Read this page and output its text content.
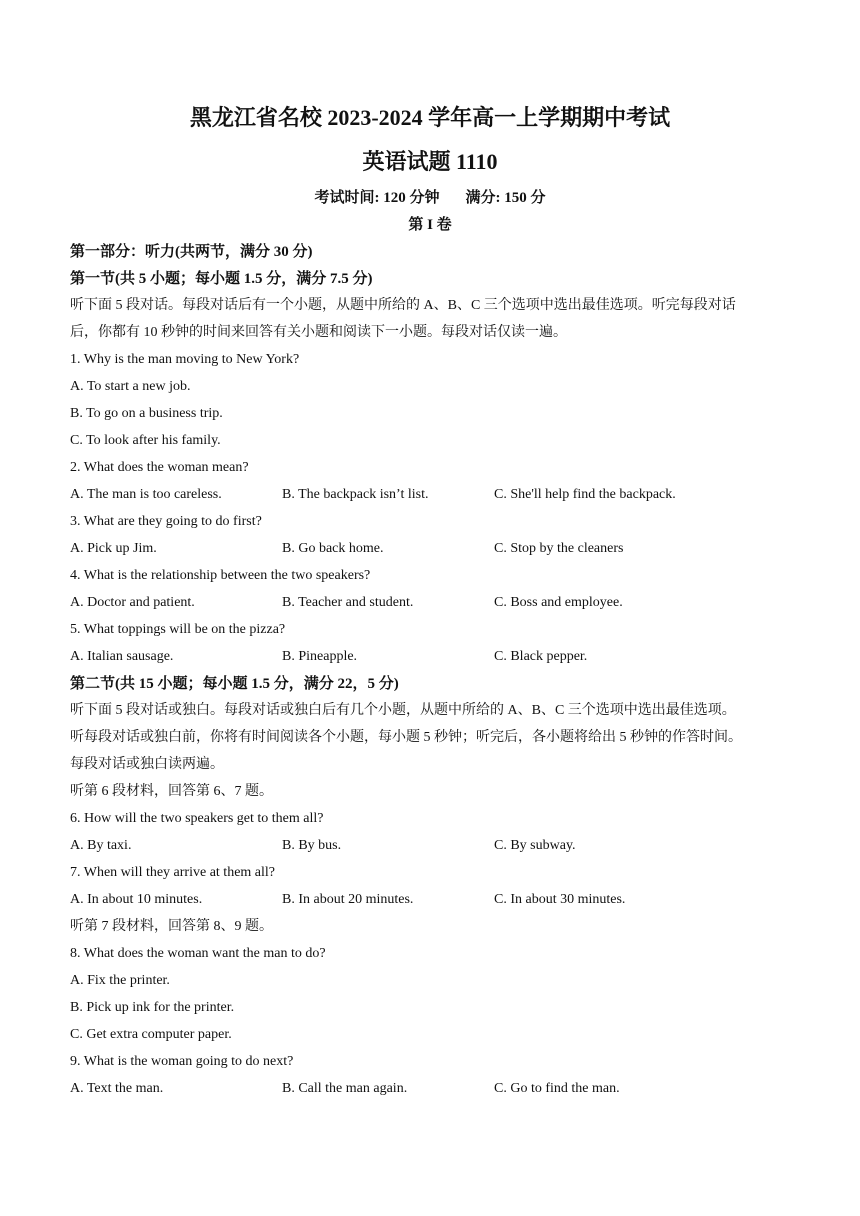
黑龙江省名校 2023-2024 学年高一上学期期中考试
英语试题 1110
考试时间: 120 分钟 满分: 150 分
第 I 卷
第一部分：听力(共两节，满分 30 分)
第一节(共 5 小题；每小题 1.5 分，满分 7.5 分)
听下面 5 段对话。每段对话后有一个小题，从题中所给的 A、B、C 三个选项中选出最佳选项。听完每段对话
后，你都有 10 秒钟的时间来回答有关小题和阅读下一小题。每段对话仅读一遍。
1. Why is the man moving to New York?
A. To start a new job.
B. To go on a business trip.
C. To look after his family.
2. What does the woman mean?
A. The man is too careless.	B. The backpack isn’t list.	C. She'll help find the backpack.
3. What are they going to do first?
A. Pick up Jim.	B. Go back home.	C. Stop by the cleaners
4. What is the relationship between the two speakers?
A. Doctor and patient.	B. Teacher and student.	C. Boss and employee.
5. What toppings will be on the pizza?
A. Italian sausage.	B. Pineapple.	C. Black pepper.
第二节(共 15 小题；每小题 1.5 分，满分 22，5 分)
听下面 5 段对话或独白。每段对话或独白后有几个小题，从题中所给的 A、B、C 三个选项中选出最佳选项。
听每段对话或独白前，你将有时间阅读各个小题，每小题 5 秒钟；听完后，各小题将给出 5 秒钟的作答时间。
每段对话或独白读两遍。
听第 6 段材料，回答第 6、7 题。
6. How will the two speakers get to them all?
A. By taxi.	B. By bus.	C. By subway.
7. When will they arrive at them all?
A. In about 10 minutes.	B. In about 20 minutes.	C. In about 30 minutes.
听第 7 段材料，回答第 8、9 题。
8. What does the woman want the man to do?
A. Fix the printer.
B. Pick up ink for the printer.
C. Get extra computer paper.
9. What is the woman going to do next?
A. Text the man.	B. Call the man again.	C. Go to find the man.
